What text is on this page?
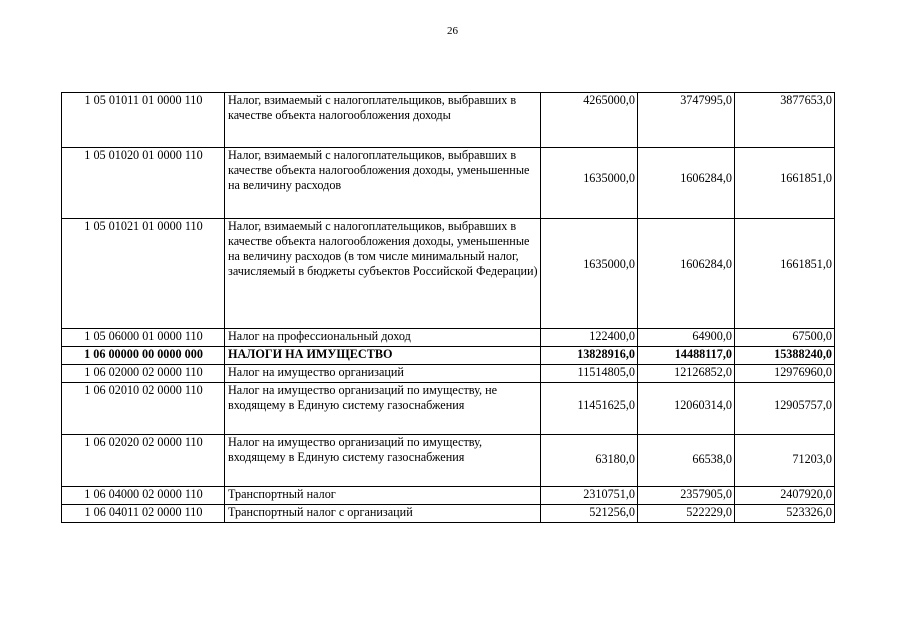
26
1 05 01011 01 0000 110	Налог, взимаемый с налогоплательщиков, выбравших в качестве объекта налогообложения доходы	4265000,0	3747995,0	3877653,0
1 05 01020 01 0000 110	Налог, взимаемый с налогоплательщиков, выбравших в качестве объекта налогообложения доходы, уменьшенные на величину расходов	1635000,0	1606284,0	1661851,0
1 05 01021 01 0000 110	Налог, взимаемый с налогоплательщиков, выбравших в качестве объекта налогообложения доходы, уменьшенные на величину расходов (в том числе минимальный налог, зачисляемый в бюджеты субъектов Российской Федерации)	1635000,0	1606284,0	1661851,0
1 05 06000 01 0000 110	Налог на профессиональный доход	122400,0	64900,0	67500,0
1 06 00000 00 0000 000	НАЛОГИ НА ИМУЩЕСТВО	13828916,0	14488117,0	15388240,0
1 06 02000 02 0000 110	Налог на имущество организаций	11514805,0	12126852,0	12976960,0
1 06 02010 02 0000 110	Налог на имущество организаций по имуществу, не входящему в Единую систему газоснабжения	11451625,0	12060314,0	12905757,0
1 06 02020 02 0000 110	Налог на имущество организаций по имуществу, входящему в Единую систему газоснабжения	63180,0	66538,0	71203,0
1 06 04000 02 0000 110	Транспортный налог	2310751,0	2357905,0	2407920,0
1 06 04011 02 0000 110	Транспортный налог с организаций	521256,0	522229,0	523326,0
